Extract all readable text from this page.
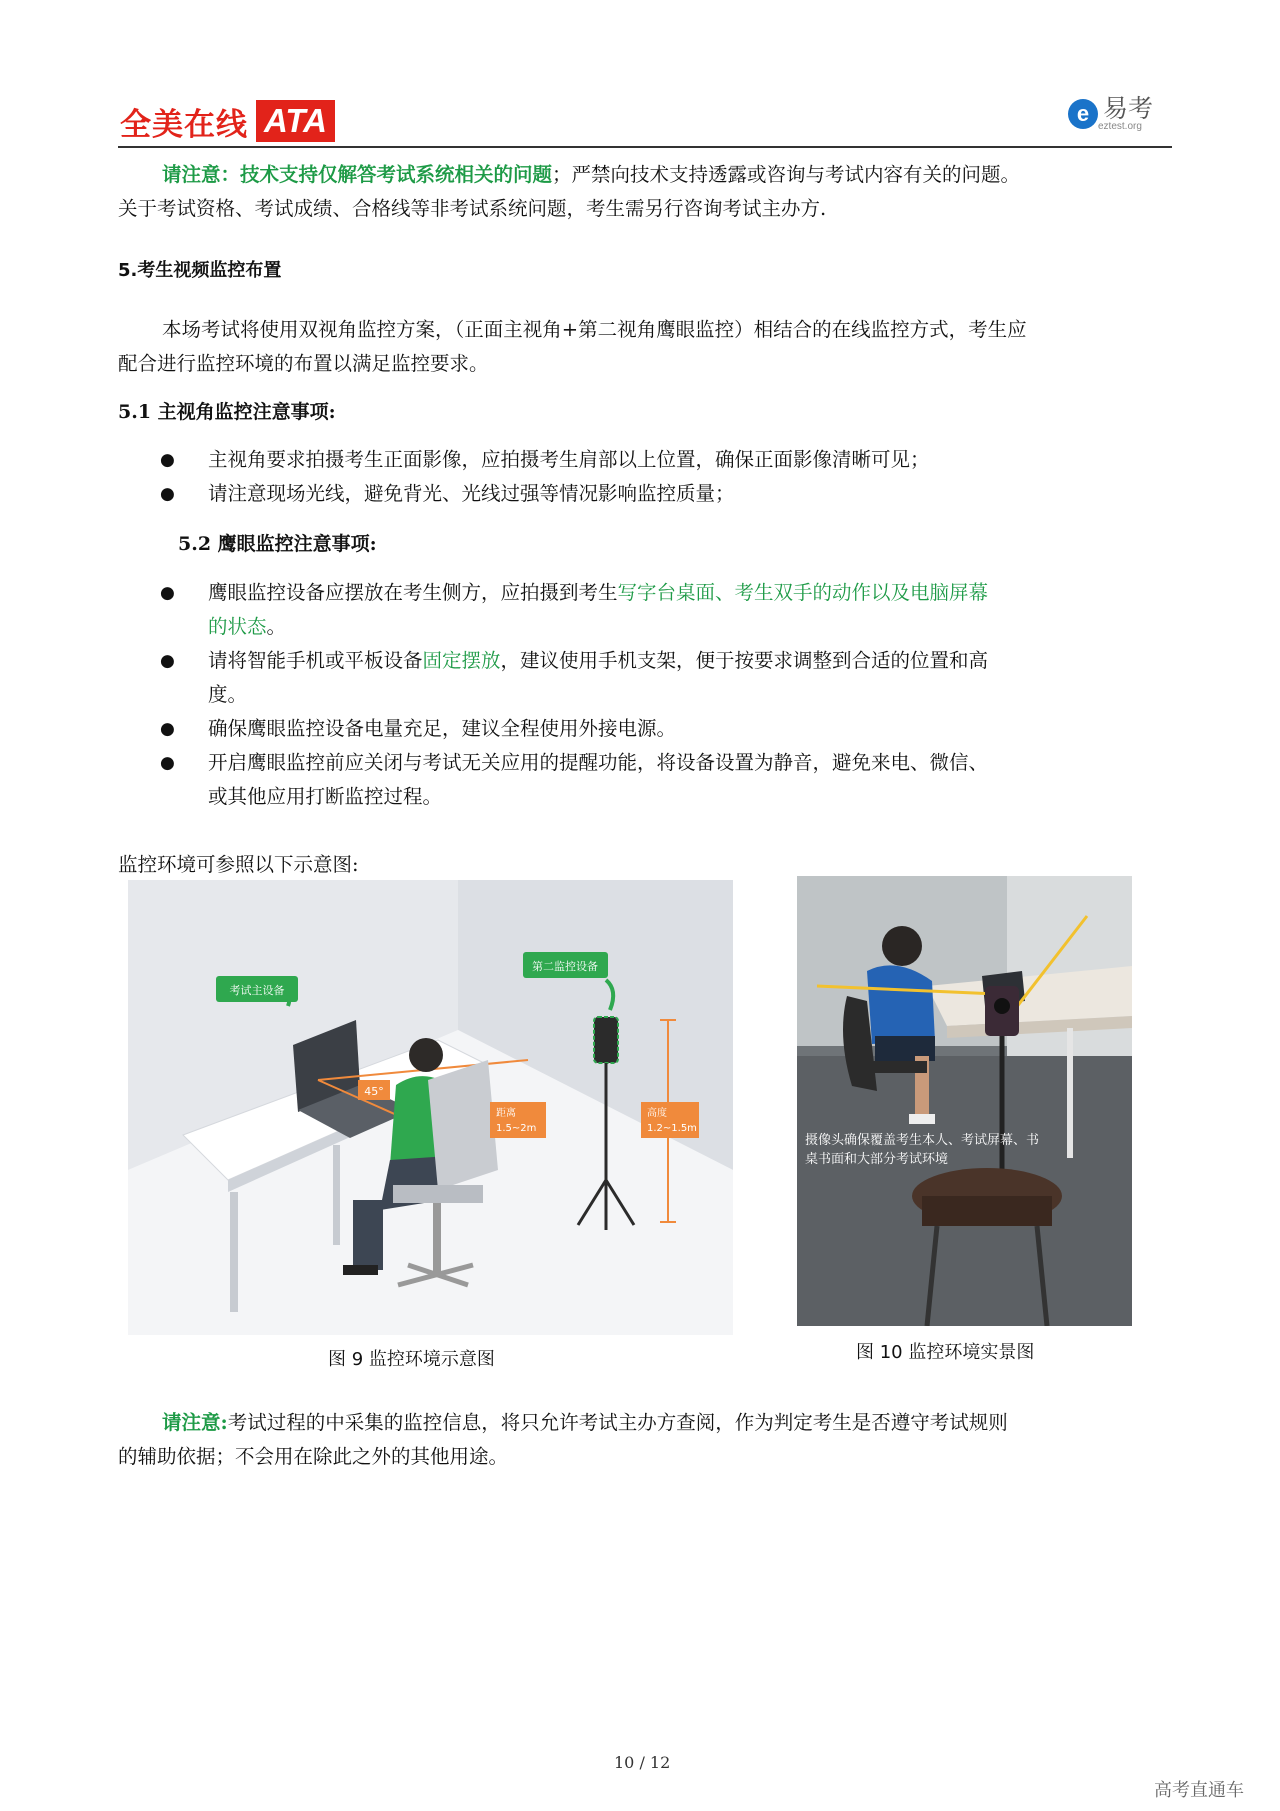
全美在线 ATA	e 易考
eztest.org
请注意：技术支持仅解答考试系统相关的问题；严禁向技术支持透露或咨询与考试内容有关的问题。
关于考试资格、考试成绩、合格线等非考试系统问题，考生需另行咨询考试主办方.
5.考生视频监控布置
本场考试将使用双视角监控方案，（正面主视角+第二视角鹰眼监控）相结合的在线监控方式，考生应
配合进行监控环境的布置以满足监控要求。
5.1 主视角监控注意事项:
● 主视角要求拍摄考生正面影像，应拍摄考生肩部以上位置，确保正面影像清晰可见；
● 请注意现场光线，避免背光、光线过强等情况影响监控质量；
5.2 鹰眼监控注意事项:
● 鹰眼监控设备应摆放在考生侧方，应拍摄到考生写字台桌面、考生双手的动作以及电脑屏幕
的状态。
● 请将智能手机或平板设备固定摆放，建议使用手机支架，便于按要求调整到合适的位置和高
度。
● 确保鹰眼监控设备电量充足，建议全程使用外接电源。
● 开启鹰眼监控前应关闭与考试无关应用的提醒功能，将设备设置为静音，避免来电、微信、
或其他应用打断监控过程。
监控环境可参照以下示意图:
45°
考试主设备
第二监控设备
距离
1.5~2m
高度
1.2~1.5m
图 9 监控环境示意图
摄像头确保覆盖考生本人、考试屏幕、书
桌书面和大部分考试环境
图 10 监控环境实景图
请注意:考试过程的中采集的监控信息，将只允许考试主办方查阅，作为判定考生是否遵守考试规则
的辅助依据；不会用在除此之外的其他用途。
10 / 12
高考直通车
